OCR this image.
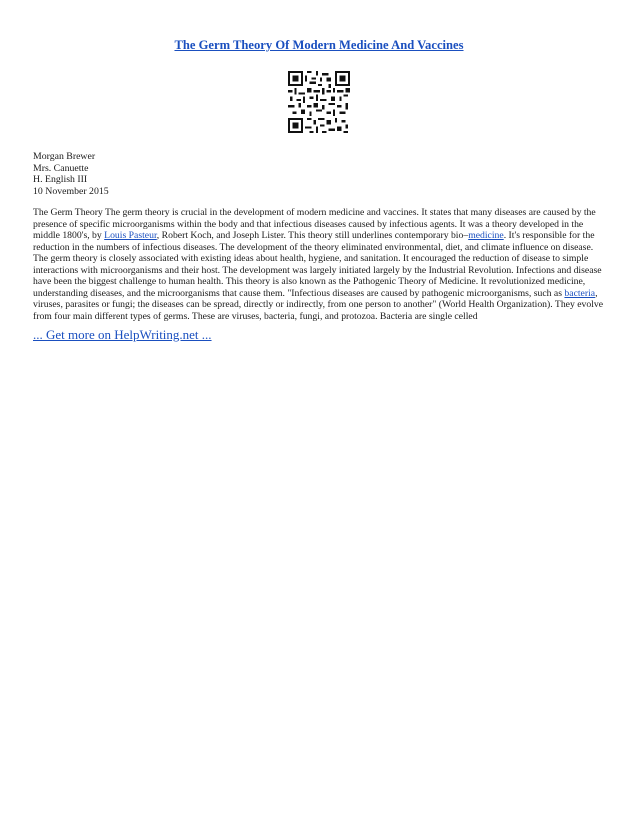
The Germ Theory Of Modern Medicine And Vaccines
Morgan Brewer
Mrs. Canuette
H. English III
10 November 2015
The Germ Theory The germ theory is crucial in the development of modern medicine and vaccines. It states that many diseases are caused by the presence of specific microorganisms within the body and that infectious diseases caused by infectious agents. It was a theory developed in the middle 1800's, by Louis Pasteur, Robert Koch, and Joseph Lister. This theory still underlines contemporary bio–medicine. It's responsible for the reduction in the numbers of infectious diseases. The development of the theory eliminated environmental, diet, and climate influence on disease. The germ theory is closely associated with existing ideas about health, hygiene, and sanitation. It encouraged the reduction of disease to simple interactions with microorganisms and their host. The development was largely initiated largely by the Industrial Revolution. Infections and disease have been the biggest challenge to human health. This theory is also known as the Pathogenic Theory of Medicine. It revolutionized medicine, understanding diseases, and the microorganisms that cause them. "Infectious diseases are caused by pathogenic microorganisms, such as bacteria, viruses, parasites or fungi; the diseases can be spread, directly or indirectly, from one person to another" (World Health Organization). They evolve from four main different types of germs. These are viruses, bacteria, fungi, and protozoa. Bacteria are single celled
... Get more on HelpWriting.net ...
